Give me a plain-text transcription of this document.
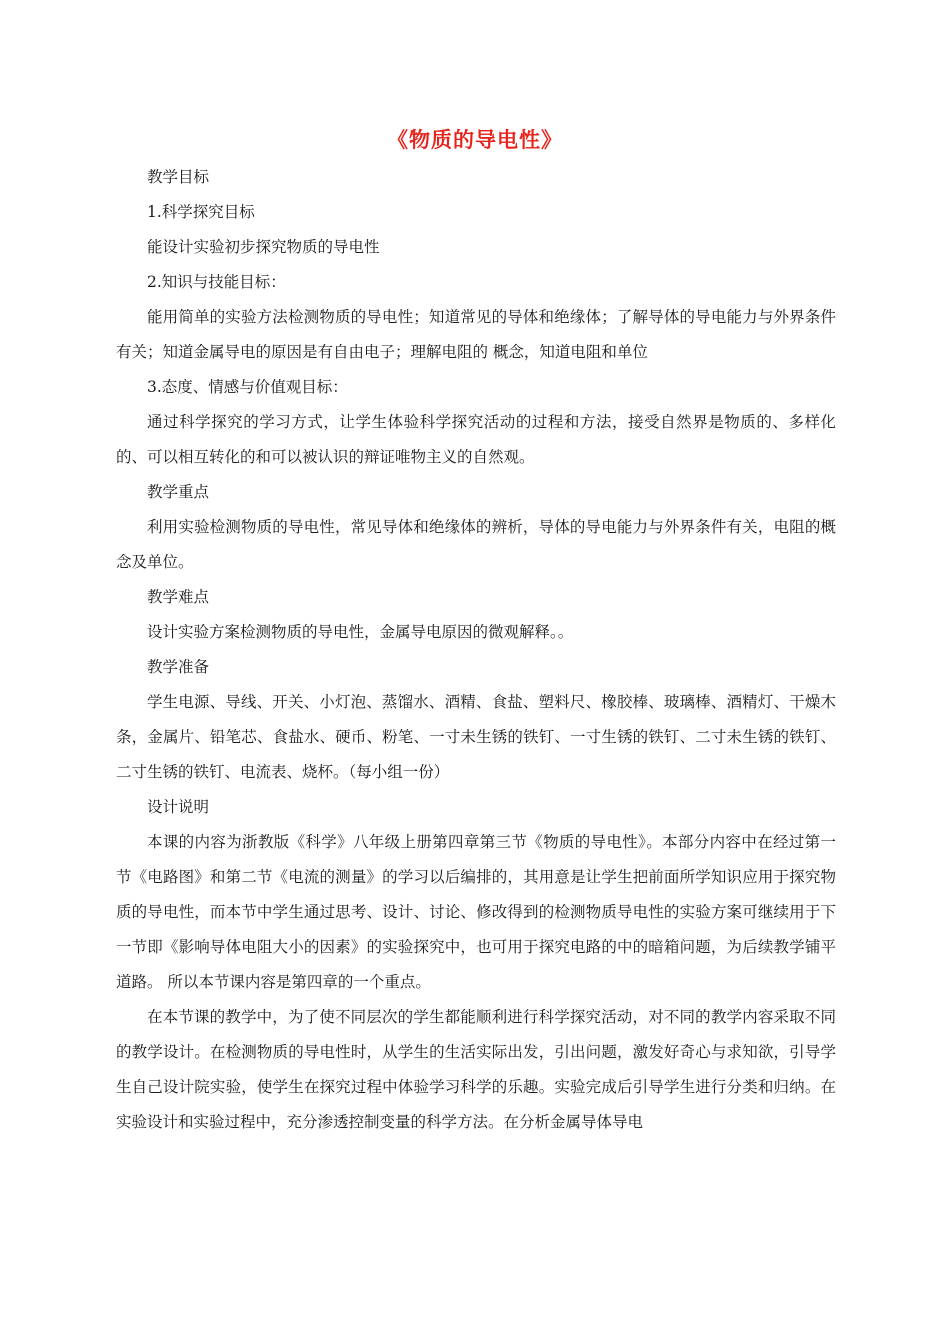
《物质的导电性》

教学目标

1.科学探究目标

能设计实验初步探究物质的导电性

2.知识与技能目标：

能用简单的实验方法检测物质的导电性；知道常见的导体和绝缘体；了解导体的导电能力与外界条件有关；知道金属导电的原因是有自由电子；理解电阻的 概念，知道电阻和单位

3.态度、情感与价值观目标：

通过科学探究的学习方式，让学生体验科学探究活动的过程和方法，接受自然界是物质的、多样化的、可以相互转化的和可以被认识的辩证唯物主义的自然观。

教学重点

利用实验检测物质的导电性，常见导体和绝缘体的辨析，导体的导电能力与外界条件有关，电阻的概念及单位。

教学难点

设计实验方案检测物质的导电性，金属导电原因的微观解释。。

教学准备

学生电源、导线、开关、小灯泡、蒸馏水、酒精、食盐、塑料尺、橡胶棒、玻璃棒、酒精灯、干燥木条，金属片、铅笔芯、食盐水、硬币、粉笔、一寸未生锈的铁钉、一寸生锈的铁钉、二寸未生锈的铁钉、二寸生锈的铁钉、电流表、烧杯。（每小组一份）

设计说明

本课的内容为浙教版《科学》八年级上册第四章第三节《物质的导电性》。本部分内容中在经过第一节《电路图》和第二节《电流的测量》的学习以后编排的，其用意是让学生把前面所学知识应用于探究物质的导电性，而本节中学生通过思考、设计、讨论、修改得到的检测物质导电性的实验方案可继续用于下一节即《影响导体电阻大小的因素》的实验探究中，也可用于探究电路的中的暗箱问题，为后续教学铺平道路。 所以本节课内容是第四章的一个重点。

在本节课的教学中，为了使不同层次的学生都能顺利进行科学探究活动，对不同的教学内容采取不同的教学设计。在检测物质的导电性时，从学生的生活实际出发，引出问题，激发好奇心与求知欲，引导学生自己设计院实验，使学生在探究过程中体验学习科学的乐趣。实验完成后引导学生进行分类和归纳。在实验设计和实验过程中，充分渗透控制变量的科学方法。在分析金属导体导电
